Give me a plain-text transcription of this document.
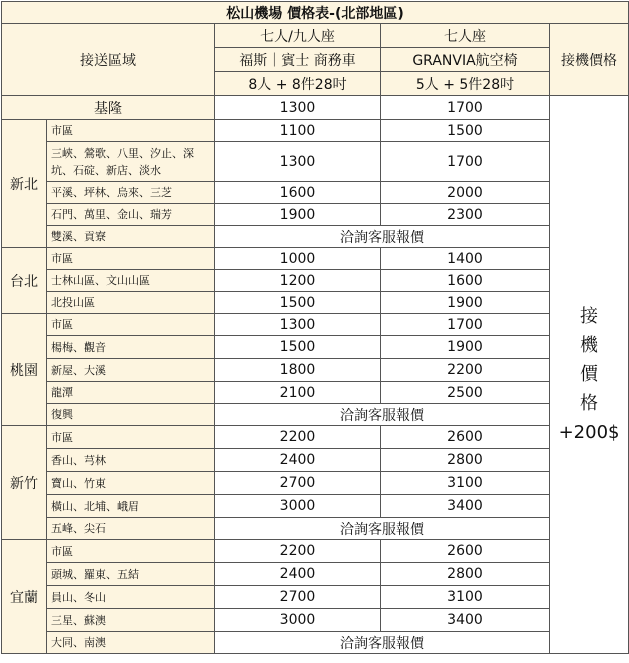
松山機場 價格表-(北部地區)				
接送區域		七人/九人座	七人座	接機價格
		福斯｜賓士 商務車	GRANVIA航空椅	
		8人 + 8件28吋	5人 + 5件28吋	
基隆		1300	1700	接
機
價
格
+200$

新北	市區	1100	1500	
	三峽、鶯歌、八里、汐止、深坑、石碇、新店、淡水	1300	1700	
	平溪、坪林、烏來、三芝	1600	2000	
	石門、萬里、金山、瑞芳	1900	2300	
	雙溪、貢寮	洽詢客服報價		
台北	市區	1000	1400	
	士林山區、文山山區	1200	1600	
	北投山區	1500	1900	
桃園	市區	1300	1700	
	楊梅、觀音	1500	1900	
	新屋、大溪	1800	2200	
	龍潭	2100	2500	
	復興	洽詢客服報價		
新竹	市區	2200	2600	
	香山、芎林	2400	2800	
	寶山、竹東	2700	3100	
	橫山、北埔、峨眉	3000	3400	
	五峰、尖石	洽詢客服報價		
宜蘭	市區	2200	2600	
	頭城、羅東、五結	2400	2800	
	員山、冬山	2700	3100	
	三星、蘇澳	3000	3400	
	大同、南澳	洽詢客服報價		
